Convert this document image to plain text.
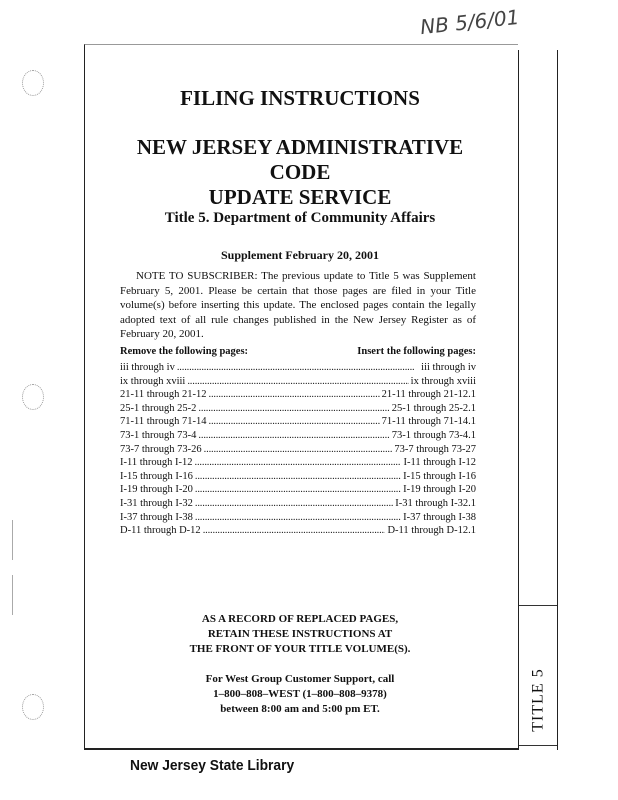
NB 5/6/01
TITLE 5
FILING INSTRUCTIONS
NEW JERSEY ADMINISTRATIVE CODE
UPDATE SERVICE
Title 5. Department of Community Affairs
Supplement February 20, 2001
NOTE TO SUBSCRIBER: The previous update to Title 5 was Supplement February 5, 2001. Please be certain that those pages are filed in your Title volume(s) before inserting this update. The enclosed pages contain the legally adopted text of all rule changes published in the New Jersey Register as of February 20, 2001.
Remove the following pages:	Insert the following pages:
iii through iv . . .	iii through iv
ix through xviii . . .	ix through xviii
21-11 through 21-12 . . .	21-11 through 21-12.1
25-1 through 25-2 . . .	25-1 through 25-2.1
71-11 through 71-14 . . .	71-11 through 71-14.1
73-1 through 73-4 . . .	73-1 through 73-4.1
73-7 through 73-26 . . .	73-7 through 73-27
I-11 through I-12 . . .	I-11 through I-12
I-15 through I-16 . . .	I-15 through I-16
I-19 through I-20 . . .	I-19 through I-20
I-31 through I-32 . . .	I-31 through I-32.1
I-37 through I-38 . . .	I-37 through I-38
D-11 through D-12 . . .	D-11 through D-12.1
AS A RECORD OF REPLACED PAGES,
RETAIN THESE INSTRUCTIONS AT
THE FRONT OF YOUR TITLE VOLUME(S).
For West Group Customer Support, call
1–800–808–WEST (1–800–808–9378)
between 8:00 am and 5:00 pm ET.
New Jersey State Library
